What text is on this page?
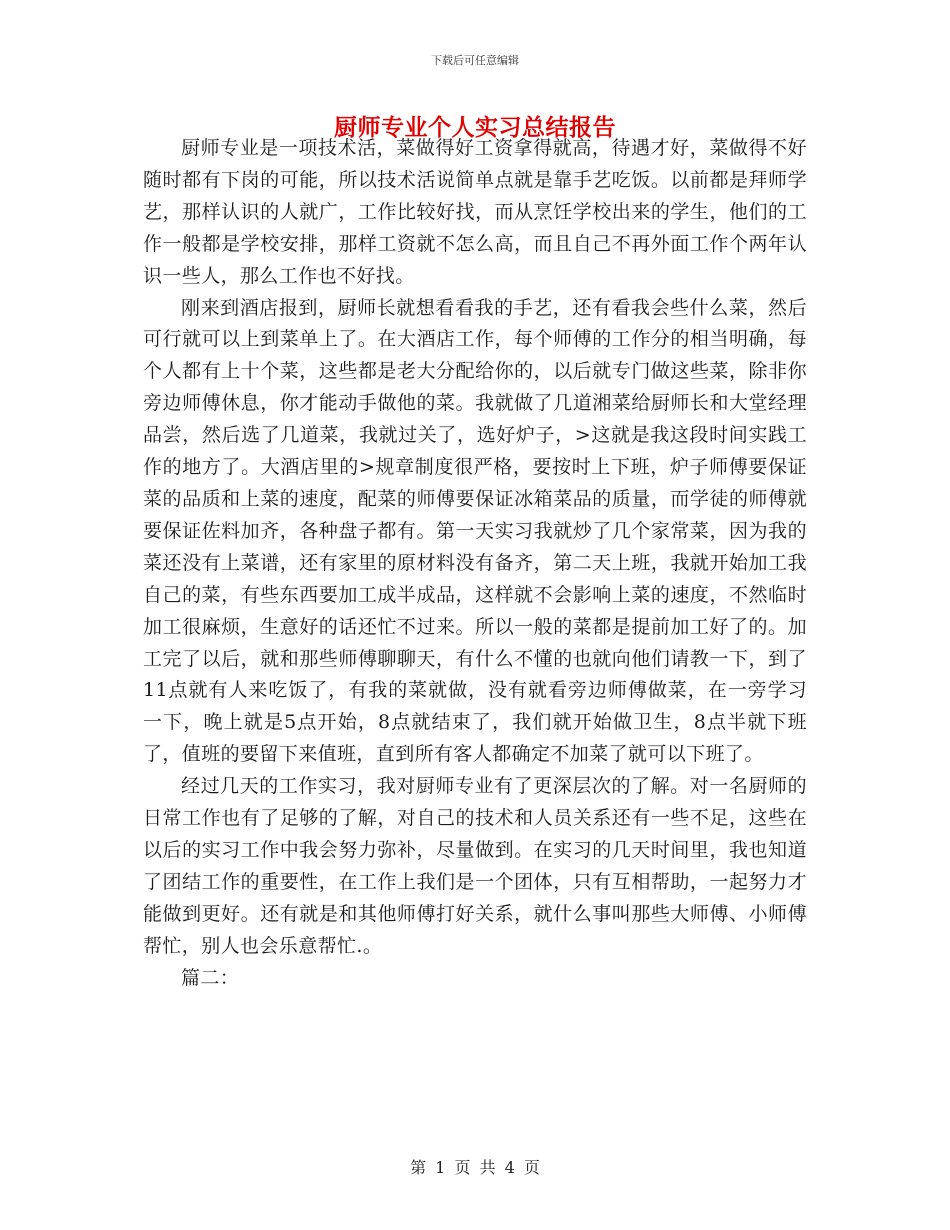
下载后可任意编辑
厨师专业个人实习总结报告

厨师专业是一项技术活，菜做得好工资拿得就高，待遇才好，菜做得不好随时都有下岗的可能，所以技术活说简单点就是靠手艺吃饭。以前都是拜师学艺，那样认识的人就广，工作比较好找，而从烹饪学校出来的学生，他们的工作一般都是学校安排，那样工资就不怎么高，而且自己不再外面工作个两年认识一些人，那么工作也不好找。

刚来到酒店报到，厨师长就想看看我的手艺，还有看我会些什么菜，然后可行就可以上到菜单上了。在大酒店工作，每个师傅的工作分的相当明确，每个人都有上十个菜，这些都是老大分配给你的，以后就专门做这些菜，除非你旁边师傅休息，你才能动手做他的菜。我就做了几道湘菜给厨师长和大堂经理品尝，然后选了几道菜，我就过关了，选好炉子，>这就是我这段时间实践工作的地方了。大酒店里的>规章制度很严格，要按时上下班，炉子师傅要保证菜的品质和上菜的速度，配菜的师傅要保证冰箱菜品的质量，而学徒的师傅就要保证佐料加齐，各种盘子都有。第一天实习我就炒了几个家常菜，因为我的菜还没有上菜谱，还有家里的原材料没有备齐，第二天上班，我就开始加工我自己的菜，有些东西要加工成半成品，这样就不会影响上菜的速度，不然临时加工很麻烦，生意好的话还忙不过来。所以一般的菜都是提前加工好了的。加工完了以后，就和那些师傅聊聊天，有什么不懂的也就向他们请教一下，到了11点就有人来吃饭了，有我的菜就做，没有就看旁边师傅做菜，在一旁学习一下，晚上就是5点开始，8点就结束了，我们就开始做卫生，8点半就下班了，值班的要留下来值班，直到所有客人都确定不加菜了就可以下班了。

经过几天的工作实习，我对厨师专业有了更深层次的了解。对一名厨师的日常工作也有了足够的了解，对自己的技术和人员关系还有一些不足，这些在以后的实习工作中我会努力弥补，尽量做到。在实习的几天时间里，我也知道了团结工作的重要性，在工作上我们是一个团体，只有互相帮助，一起努力才能做到更好。还有就是和其他师傅打好关系，就什么事叫那些大师傅、小师傅帮忙，别人也会乐意帮忙.。

篇二：

第 1 页 共 4 页
